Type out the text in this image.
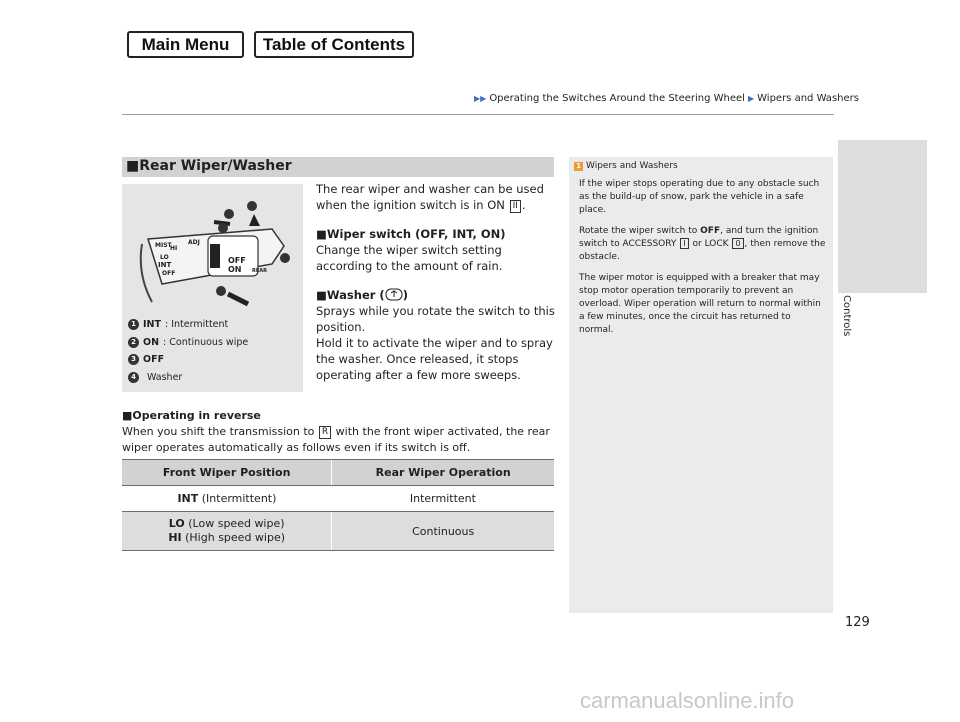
Main Menu	Table of Contents
▶▶ Operating the Switches Around the Steering Wheel ▶ Wipers and Washers
Controls
■Rear Wiper/Washer
MIST
INT
LO
HI
ADJ
OFF	ON
OFF
REAR
1 INT : Intermittent
2 ON : Continuous wipe
3 OFF
4	Washer

The rear wiper and washer can be used when the ignition switch is in ON II .

■Wiper switch (OFF, INT, ON)

Change the wiper switch setting according to the amount of rain.

■Washer ( )

Sprays while you rotate the switch to this position.

Hold it to activate the wiper and to spray the washer. Once released, it stops operating after a few more sweeps.

■Operating in reverse

When you shift the transmission to R with the front wiper activated, the rear wiper operates automatically as follows even if its switch is off.

Front Wiper Position	Rear Wiper Operation
INT (Intermittent)	Intermittent
LO (Low speed wipe)
HI (High speed wipe)	Continuous
1 Wipers and Washers

If the wiper stops operating due to any obstacle such as the build-up of snow, park the vehicle in a safe place.

Rotate the wiper switch to OFF, and turn the ignition switch to ACCESSORY I or LOCK 0 , then remove the obstacle.

The wiper motor is equipped with a breaker that may stop motor operation temporarily to prevent an overload. Wiper operation will return to normal within a few minutes, once the circuit has returned to normal.

129
carmanualsonline.info
